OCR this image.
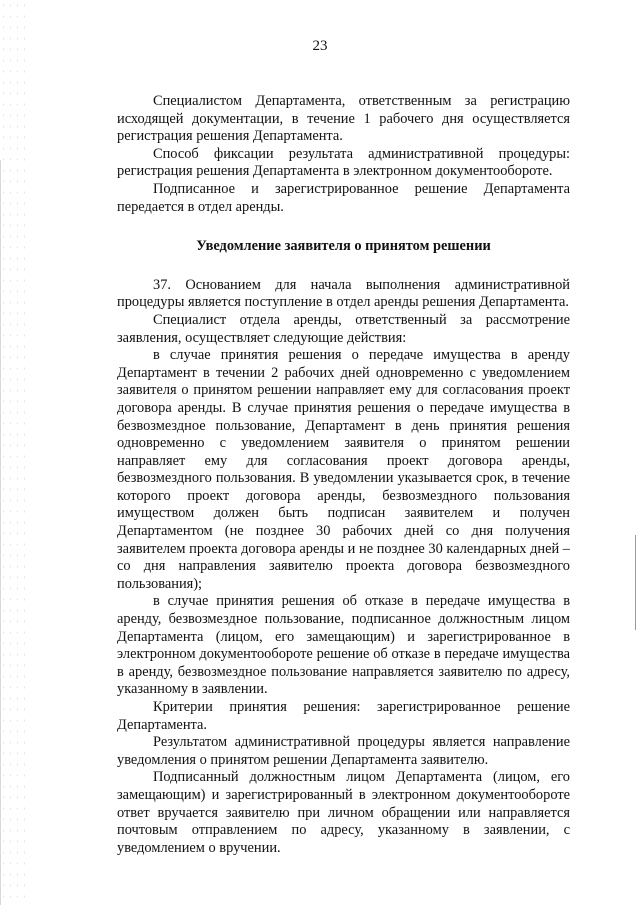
23

Специалистом Департамента, ответственным за регистрацию исходящей документации, в течение 1 рабочего дня осуществляется регистрация решения Департамента.

Способ фиксации результата административной процедуры: регистрация решения Департамента в электронном документообороте.

Подписанное и зарегистрированное решение Департамента передается в отдел аренды.

Уведомление заявителя о принятом решении

37. Основанием для начала выполнения административной процедуры является поступление в отдел аренды решения Департамента.

Специалист отдела аренды, ответственный за рассмотрение заявления, осуществляет следующие действия:

в случае принятия решения о передаче имущества в аренду Департамент в течении 2 рабочих дней одновременно с уведомлением заявителя о принятом решении направляет ему для согласования проект договора аренды. В случае принятия решения о передаче имущества в безвозмездное пользование, Департамент в день принятия решения одновременно с уведомлением заявителя о принятом решении направляет ему для согласования проект договора аренды, безвозмездного пользования. В уведомлении указывается срок, в течение которого проект договора аренды, безвозмездного пользования имуществом должен быть подписан заявителем и получен Департаментом (не позднее 30 рабочих дней со дня получения заявителем проекта договора аренды и не позднее 30 календарных дней – со дня направления заявителю проекта договора безвозмездного пользования);

в случае принятия решения об отказе в передаче имущества в аренду, безвозмездное пользование, подписанное должностным лицом Департамента (лицом, его замещающим) и зарегистрированное в электронном документообороте решение об отказе в передаче имущества в аренду, безвозмездное пользование направляется заявителю по адресу, указанному в заявлении.

Критерии принятия решения: зарегистрированное решение Департамента.

Результатом административной процедуры является направление уведомления о принятом решении Департамента заявителю.

Подписанный должностным лицом Департамента (лицом, его замещающим) и зарегистрированный в электронном документообороте ответ вручается заявителю при личном обращении или направляется почтовым отправлением по адресу, указанному в заявлении, с уведомлением о вручении.
